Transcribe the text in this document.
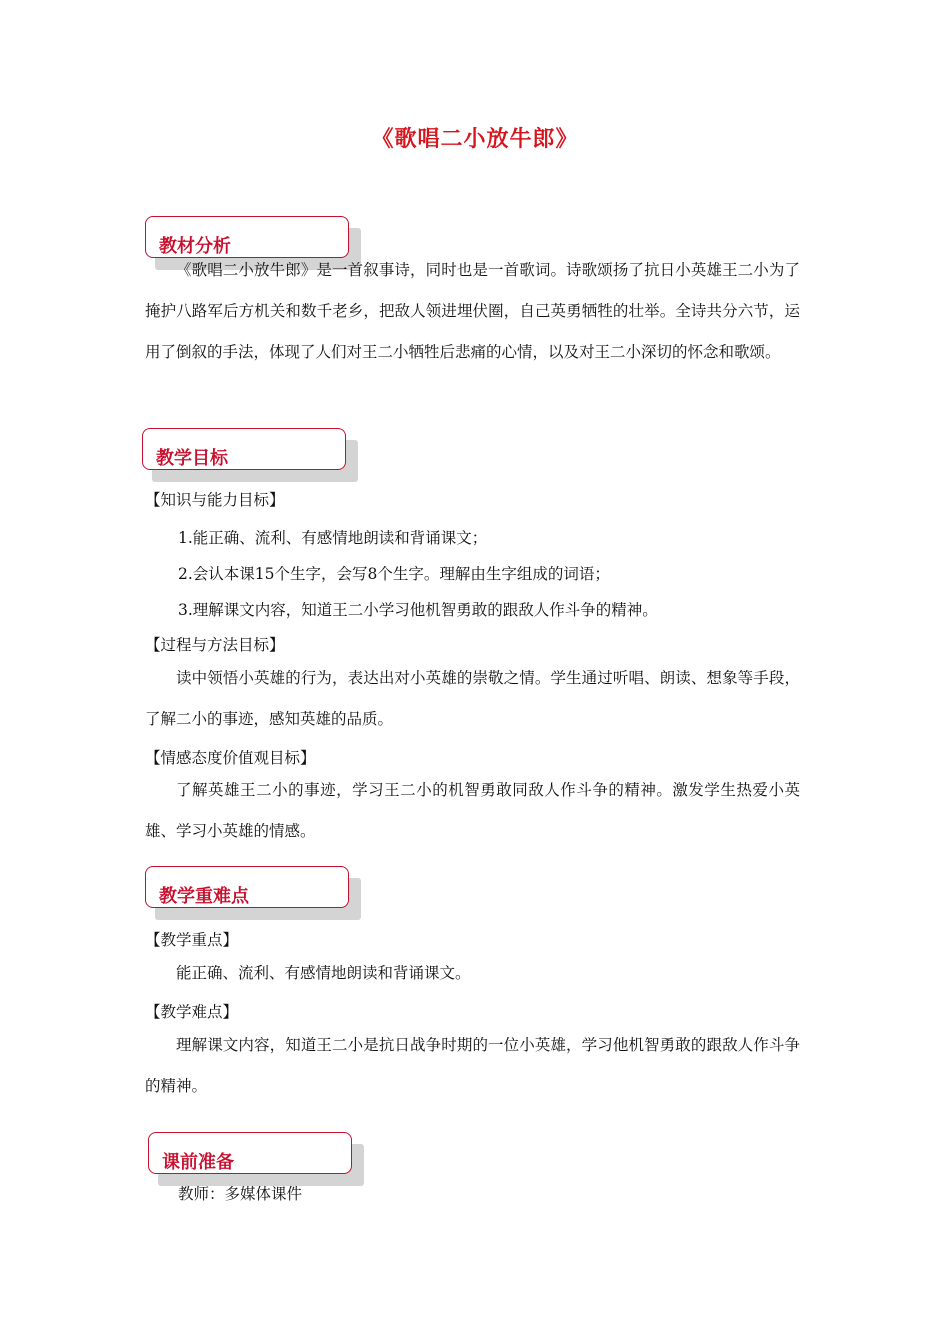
《歌唱二小放牛郎》
教材分析
《歌唱二小放牛郎》是一首叙事诗，同时也是一首歌词。诗歌颂扬了抗日小英雄王二小为了掩护八路军后方机关和数千老乡，把敌人领进埋伏圈，自己英勇牺牲的壮举。全诗共分六节，运用了倒叙的手法，体现了人们对王二小牺牲后悲痛的心情，以及对王二小深切的怀念和歌颂。
教学目标
【知识与能力目标】
1.能正确、流利、有感情地朗读和背诵课文；
2.会认本课15个生字，会写8个生字。理解由生字组成的词语；
3.理解课文内容，知道王二小学习他机智勇敢的跟敌人作斗争的精神。
【过程与方法目标】
读中领悟小英雄的行为，表达出对小英雄的崇敬之情。学生通过听唱、朗读、想象等手段，了解二小的事迹，感知英雄的品质。
【情感态度价值观目标】
了解英雄王二小的事迹，学习王二小的机智勇敢同敌人作斗争的精神。激发学生热爱小英雄、学习小英雄的情感。
教学重难点
【教学重点】
能正确、流利、有感情地朗读和背诵课文。
【教学难点】
理解课文内容，知道王二小是抗日战争时期的一位小英雄，学习他机智勇敢的跟敌人作斗争的精神。
课前准备
教师：多媒体课件
